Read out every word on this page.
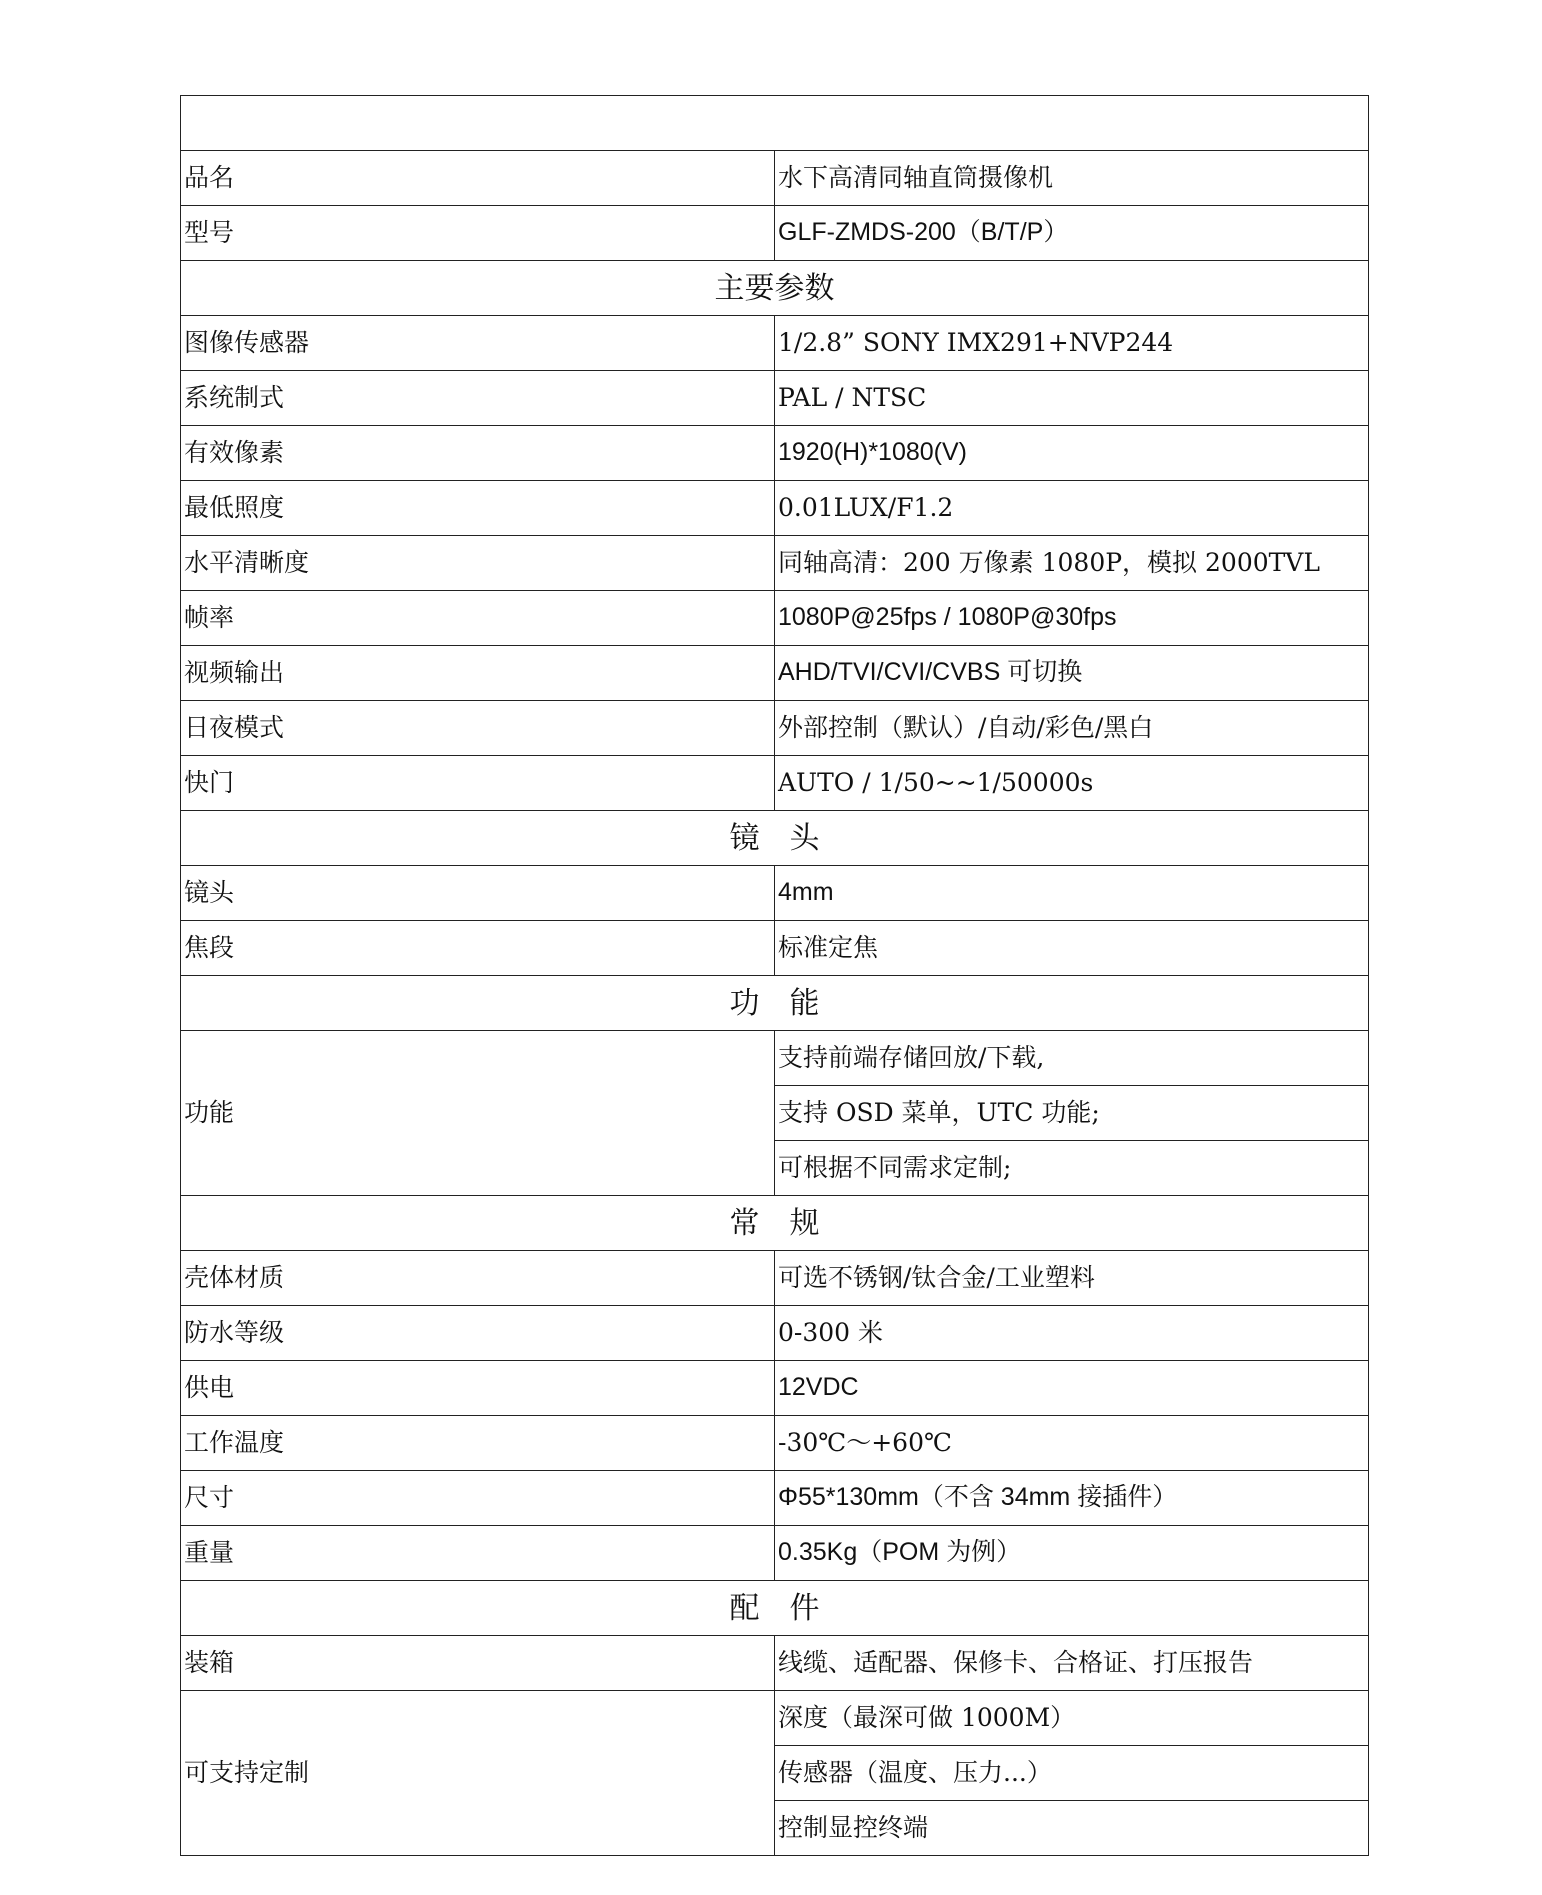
品名	水下高清同轴直筒摄像机
型号	GLF-ZMDS-200（B/T/P）
主要参数	
图像传感器	1/2.8” SONY IMX291+NVP244
系统制式	PAL / NTSC
有效像素	1920(H)*1080(V)
最低照度	0.01LUX/F1.2
水平清晰度	同轴高清：200 万像素 1080P，模拟 2000TVL
帧率	1080P@25fps / 1080P@30fps
视频输出	AHD/TVI/CVI/CVBS 可切换
日夜模式	外部控制（默认）/自动/彩色/黑白
快门	AUTO / 1/50~~1/50000s
镜　头	
镜头	4mm
焦段	标准定焦
功　能	
功能	支持前端存储回放/下载,
	支持 OSD 菜单，UTC 功能;
	可根据不同需求定制;
常　规	
壳体材质	可选不锈钢/钛合金/工业塑料
防水等级	0-300 米
供电	12VDC
工作温度	-30℃～+60℃
尺寸	Φ55*130mm（不含 34mm 接插件）
重量	0.35Kg（POM 为例）
配　件	
装箱	线缆、适配器、保修卡、合格证、打压报告
可支持定制	深度（最深可做 1000M）
	传感器（温度、压力...）
	控制显控终端
